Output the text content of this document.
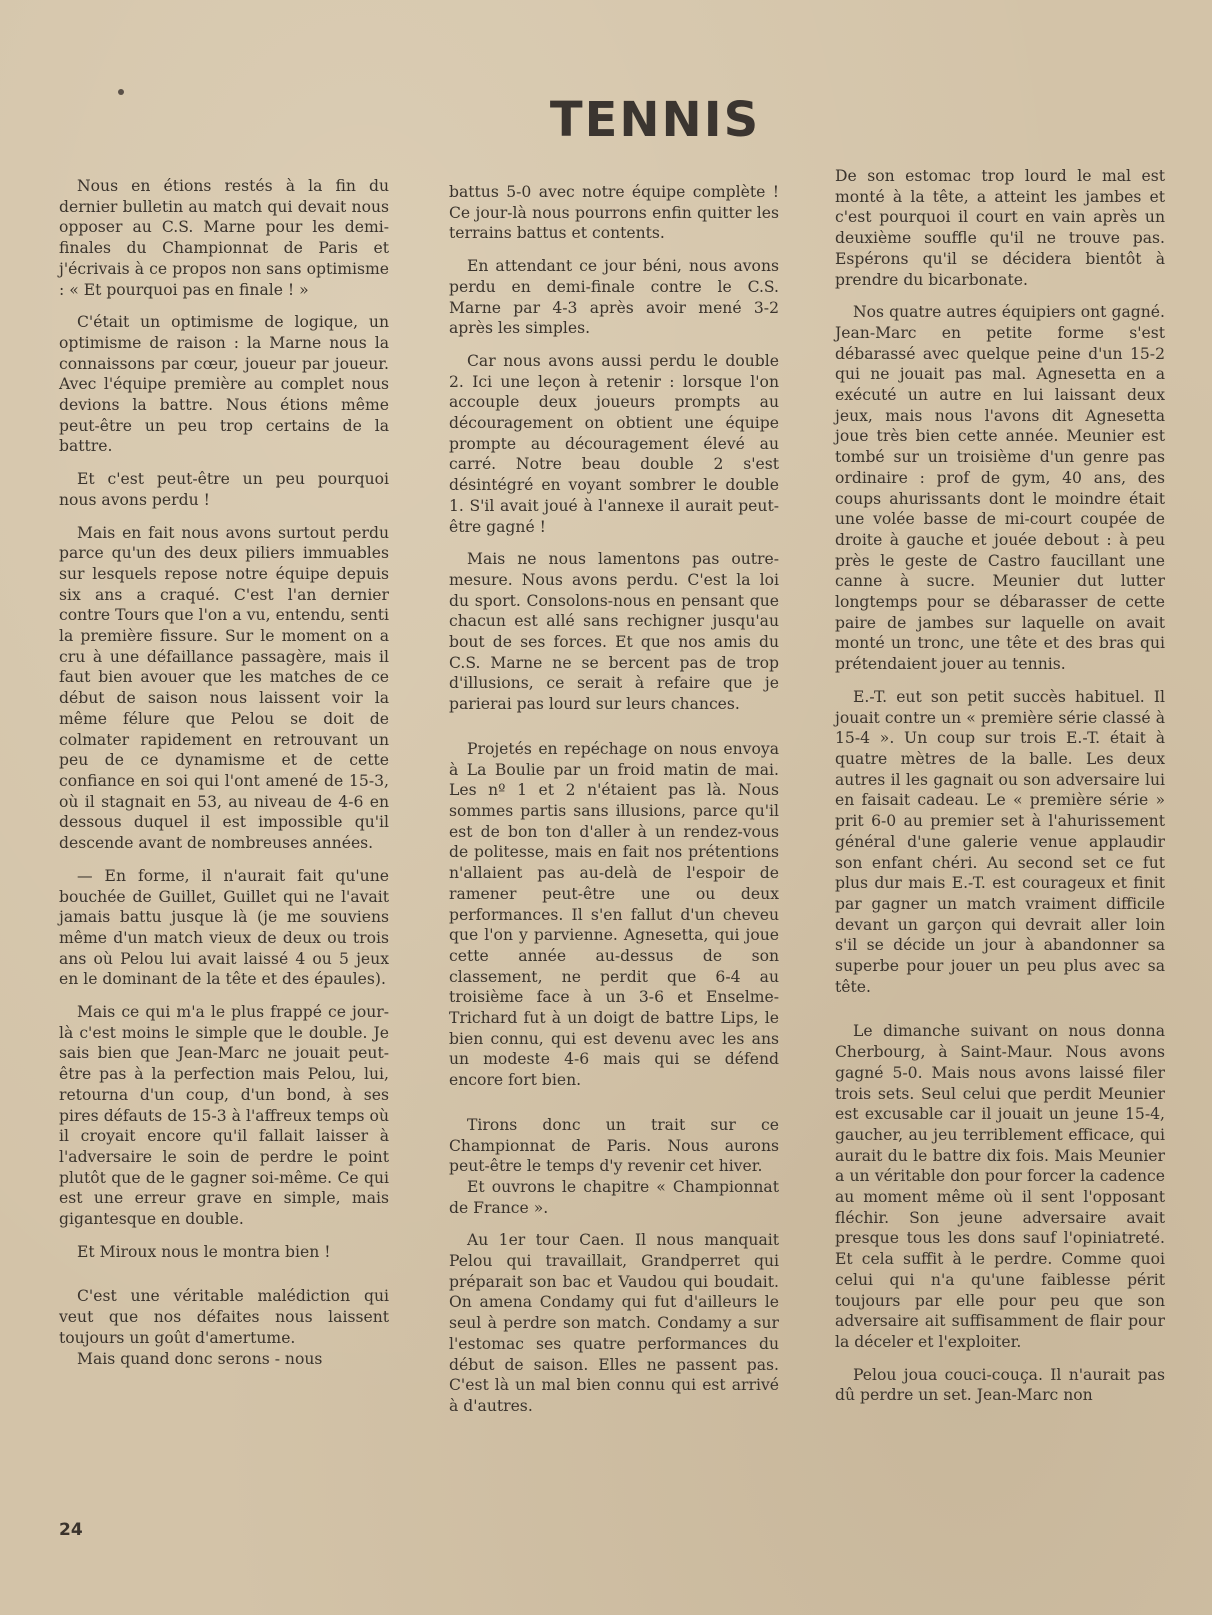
TENNIS

Nous en étions restés à la fin du dernier bulletin au match qui devait nous opposer au C.S. Marne pour les demi-finales du Championnat de Paris et j'écrivais à ce propos non sans optimisme : « Et pourquoi pas en finale ! »

C'était un optimisme de logique, un optimisme de raison : la Marne nous la connaissons par cœur, joueur par joueur. Avec l'équipe première au complet nous devions la battre. Nous étions même peut-être un peu trop certains de la battre.

Et c'est peut-être un peu pourquoi nous avons perdu !

Mais en fait nous avons surtout perdu parce qu'un des deux piliers immuables sur lesquels repose notre équipe depuis six ans a craqué. C'est l'an dernier contre Tours que l'on a vu, entendu, senti la première fissure. Sur le moment on a cru à une défaillance passagère, mais il faut bien avouer que les matches de ce début de saison nous laissent voir la même félure que Pelou se doit de colmater rapidement en retrouvant un peu de ce dynamisme et de cette confiance en soi qui l'ont amené de 15-3, où il stagnait en 53, au niveau de 4-6 en dessous duquel il est impossible qu'il descende avant de nombreuses années.

— En forme, il n'aurait fait qu'une bouchée de Guillet, Guillet qui ne l'avait jamais battu jusque là (je me souviens même d'un match vieux de deux ou trois ans où Pelou lui avait laissé 4 ou 5 jeux en le dominant de la tête et des épaules).

Mais ce qui m'a le plus frappé ce jour-là c'est moins le simple que le double. Je sais bien que Jean-Marc ne jouait peut-être pas à la perfection mais Pelou, lui, retourna d'un coup, d'un bond, à ses pires défauts de 15-3 à l'affreux temps où il croyait encore qu'il fallait laisser à l'adversaire le soin de perdre le point plutôt que de le gagner soi-même. Ce qui est une erreur grave en simple, mais gigantesque en double.

Et Miroux nous le montra bien !

C'est une véritable malédiction qui veut que nos défaites nous laissent toujours un goût d'amertume.

Mais quand donc serons - nous

battus 5-0 avec notre équipe complète ! Ce jour-là nous pourrons enfin quitter les terrains battus et contents.

En attendant ce jour béni, nous avons perdu en demi-finale contre le C.S. Marne par 4-3 après avoir mené 3-2 après les simples.

Car nous avons aussi perdu le double 2. Ici une leçon à retenir : lorsque l'on accouple deux joueurs prompts au découragement on obtient une équipe prompte au découragement élevé au carré. Notre beau double 2 s'est désintégré en voyant sombrer le double 1. S'il avait joué à l'annexe il aurait peut-être gagné !

Mais ne nous lamentons pas outre-mesure. Nous avons perdu. C'est la loi du sport. Consolons-nous en pensant que chacun est allé sans rechigner jusqu'au bout de ses forces. Et que nos amis du C.S. Marne ne se bercent pas de trop d'illusions, ce serait à refaire que je parierai pas lourd sur leurs chances.

Projetés en repéchage on nous envoya à La Boulie par un froid matin de mai. Les nº 1 et 2 n'étaient pas là. Nous sommes partis sans illusions, parce qu'il est de bon ton d'aller à un rendez-vous de politesse, mais en fait nos prétentions n'allaient pas au-delà de l'espoir de ramener peut-être une ou deux performances. Il s'en fallut d'un cheveu que l'on y parvienne. Agnesetta, qui joue cette année au-dessus de son classement, ne perdit que 6-4 au troisième face à un 3-6 et Enselme-Trichard fut à un doigt de battre Lips, le bien connu, qui est devenu avec les ans un modeste 4-6 mais qui se défend encore fort bien.

Tirons donc un trait sur ce Championnat de Paris. Nous aurons peut-être le temps d'y revenir cet hiver.

Et ouvrons le chapitre « Championnat de France ».

Au 1er tour Caen. Il nous manquait Pelou qui travaillait, Grandperret qui préparait son bac et Vaudou qui boudait. On amena Condamy qui fut d'ailleurs le seul à perdre son match. Condamy a sur l'estomac ses quatre performances du début de saison. Elles ne passent pas. C'est là un mal bien connu qui est arrivé à d'autres.

De son estomac trop lourd le mal est monté à la tête, a atteint les jambes et c'est pourquoi il court en vain après un deuxième souffle qu'il ne trouve pas. Espérons qu'il se décidera bientôt à prendre du bicarbonate.

Nos quatre autres équipiers ont gagné. Jean-Marc en petite forme s'est débarassé avec quelque peine d'un 15-2 qui ne jouait pas mal. Agnesetta en a exécuté un autre en lui laissant deux jeux, mais nous l'avons dit Agnesetta joue très bien cette année. Meunier est tombé sur un troisième d'un genre pas ordinaire : prof de gym, 40 ans, des coups ahurissants dont le moindre était une volée basse de mi-court coupée de droite à gauche et jouée debout : à peu près le geste de Castro faucillant une canne à sucre. Meunier dut lutter longtemps pour se débarasser de cette paire de jambes sur laquelle on avait monté un tronc, une tête et des bras qui prétendaient jouer au tennis.

E.-T. eut son petit succès habituel. Il jouait contre un « première série classé à 15-4 ». Un coup sur trois E.-T. était à quatre mètres de la balle. Les deux autres il les gagnait ou son adversaire lui en faisait cadeau. Le « première série » prit 6-0 au premier set à l'ahurissement général d'une galerie venue applaudir son enfant chéri. Au second set ce fut plus dur mais E.-T. est courageux et finit par gagner un match vraiment difficile devant un garçon qui devrait aller loin s'il se décide un jour à abandonner sa superbe pour jouer un peu plus avec sa tête.

Le dimanche suivant on nous donna Cherbourg, à Saint-Maur. Nous avons gagné 5-0. Mais nous avons laissé filer trois sets. Seul celui que perdit Meunier est excusable car il jouait un jeune 15-4, gaucher, au jeu terriblement efficace, qui aurait du le battre dix fois. Mais Meunier a un véritable don pour forcer la cadence au moment même où il sent l'opposant fléchir. Son jeune adversaire avait presque tous les dons sauf l'opiniatreté. Et cela suffit à le perdre. Comme quoi celui qui n'a qu'une faiblesse périt toujours par elle pour peu que son adversaire ait suffisamment de flair pour la déceler et l'exploiter.

Pelou joua couci-couça. Il n'aurait pas dû perdre un set. Jean-Marc non

24
